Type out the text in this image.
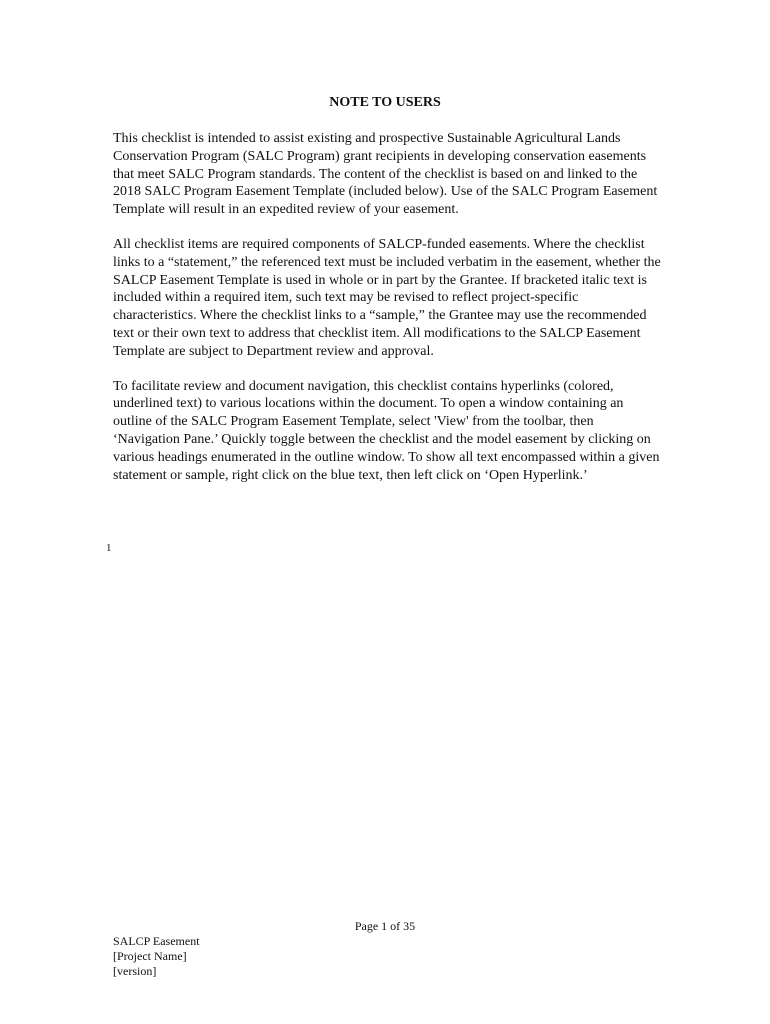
NOTE TO USERS

This checklist is intended to assist existing and prospective Sustainable Agricultural Lands Conservation Program (SALC Program) grant recipients in developing conservation easements that meet SALC Program standards. The content of the checklist is based on and linked to the 2018 SALC Program Easement Template (included below). Use of the SALC Program Easement Template will result in an expedited review of your easement.

All checklist items are required components of SALCP-funded easements. Where the checklist links to a “statement,” the referenced text must be included verbatim in the easement, whether the SALCP Easement Template is used in whole or in part by the Grantee. If bracketed italic text is included within a required item, such text may be revised to reflect project-specific characteristics. Where the checklist links to a “sample,” the Grantee may use the recommended text or their own text to address that checklist item. All modifications to the SALCP Easement Template are subject to Department review and approval.

To facilitate review and document navigation, this checklist contains hyperlinks (colored, underlined text) to various locations within the document. To open a window containing an outline of the SALC Program Easement Template, select 'View' from the toolbar, then ‘Navigation Pane.’ Quickly toggle between the checklist and the model easement by clicking on various headings enumerated in the outline window. To show all text encompassed within a given statement or sample, right click on the blue text, then left click on ‘Open Hyperlink.’

1
Page 1 of 35
SALCP Easement
[Project Name]
[version]
